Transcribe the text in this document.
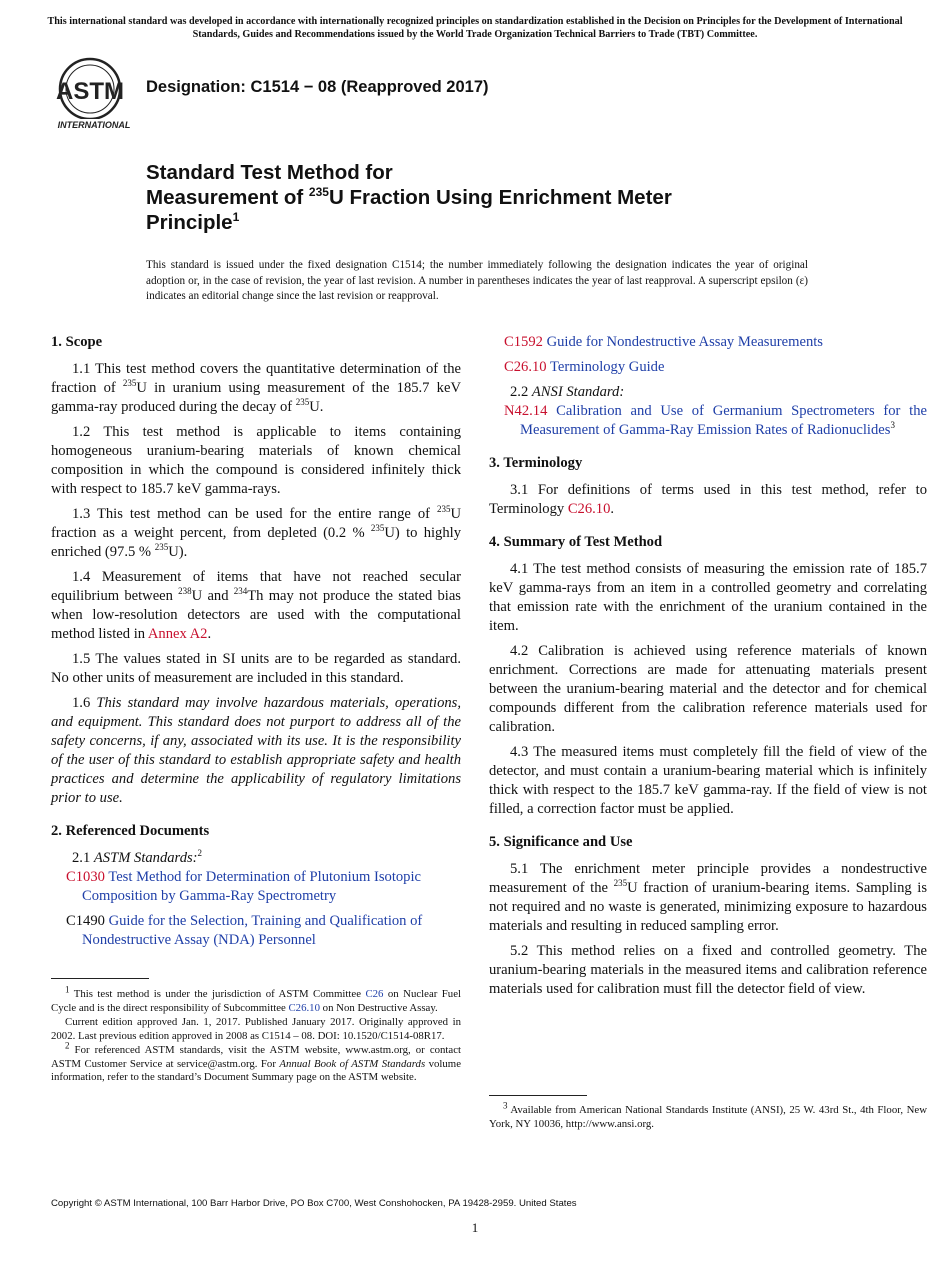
This international standard was developed in accordance with internationally recognized principles on standardization established in the Decision on Principles for the Development of International Standards, Guides and Recommendations issued by the World Trade Organization Technical Barriers to Trade (TBT) Committee.
ASTM
INTERNATIONAL
Designation: C1514 − 08 (Reapproved 2017)
Standard Test Method for
Measurement of $^{235}$U Fraction Using Enrichment Meter
Principle$^1$
This standard is issued under the fixed designation C1514; the number immediately following the designation indicates the year of original adoption or, in the case of revision, the year of last revision. A number in parentheses indicates the year of last reapproval. A superscript epsilon (ε) indicates an editorial change since the last revision or reapproval.
1. Scope

1.1 This test method covers the quantitative determination of the fraction of $^{235}$U in uranium using measurement of the 185.7 keV gamma-ray produced during the decay of $^{235}$U.

1.2 This test method is applicable to items containing homogeneous uranium-bearing materials of known chemical composition in which the compound is considered infinitely thick with respect to 185.7 keV gamma-rays.

1.3 This test method can be used for the entire range of $^{235}$U fraction as a weight percent, from depleted (0.2 % $^{235}$U) to highly enriched (97.5 % $^{235}$U).

1.4 Measurement of items that have not reached secular equilibrium between $^{238}$U and $^{234}$Th may not produce the stated bias when low-resolution detectors are used with the computational method listed in Annex A2.

1.5 The values stated in SI units are to be regarded as standard. No other units of measurement are included in this standard.

1.6 This standard may involve hazardous materials, operations, and equipment. This standard does not purport to address all of the safety concerns, if any, associated with its use. It is the responsibility of the user of this standard to establish appropriate safety and health practices and determine the applicability of regulatory limitations prior to use.

2. Referenced Documents

2.1 ASTM Standards:$^2$

C1030 Test Method for Determination of Plutonium Isotopic Composition by Gamma-Ray Spectrometry

C1490 Guide for the Selection, Training and Qualification of Nondestructive Assay (NDA) Personnel

C1592 Guide for Nondestructive Assay Measurements

C26.10 Terminology Guide

2.2 ANSI Standard:

N42.14 Calibration and Use of Germanium Spectrometers for the Measurement of Gamma-Ray Emission Rates of Radionuclides$^3$

3. Terminology

3.1 For definitions of terms used in this test method, refer to Terminology C26.10.

4. Summary of Test Method

4.1 The test method consists of measuring the emission rate of 185.7 keV gamma-rays from an item in a controlled geometry and correlating that emission rate with the enrichment of the uranium contained in the item.

4.2 Calibration is achieved using reference materials of known enrichment. Corrections are made for attenuating materials present between the uranium-bearing material and the detector and for chemical compounds different from the calibration reference materials used for calibration.

4.3 The measured items must completely fill the field of view of the detector, and must contain a uranium-bearing material which is infinitely thick with respect to the 185.7 keV gamma-ray. If the field of view is not filled, a correction factor must be applied.

5. Significance and Use

5.1 The enrichment meter principle provides a nondestructive measurement of the $^{235}$U fraction of uranium-bearing items. Sampling is not required and no waste is generated, minimizing exposure to hazardous materials and resulting in reduced sampling error.

5.2 This method relies on a fixed and controlled geometry. The uranium-bearing materials in the measured items and calibration reference materials used for calibration must fill the detector field of view.

$^1$ This test method is under the jurisdiction of ASTM Committee C26 on Nuclear Fuel Cycle and is the direct responsibility of Subcommittee C26.10 on Non Destructive Assay.

Current edition approved Jan. 1, 2017. Published January 2017. Originally approved in 2002. Last previous edition approved in 2008 as C1514 – 08. DOI: 10.1520/C1514-08R17.

$^2$ For referenced ASTM standards, visit the ASTM website, www.astm.org, or contact ASTM Customer Service at service@astm.org. For Annual Book of ASTM Standards volume information, refer to the standard’s Document Summary page on the ASTM website.

$^3$ Available from American National Standards Institute (ANSI), 25 W. 43rd St., 4th Floor, New York, NY 10036, http://www.ansi.org.

Copyright © ASTM International, 100 Barr Harbor Drive, PO Box C700, West Conshohocken, PA 19428-2959. United States
1
